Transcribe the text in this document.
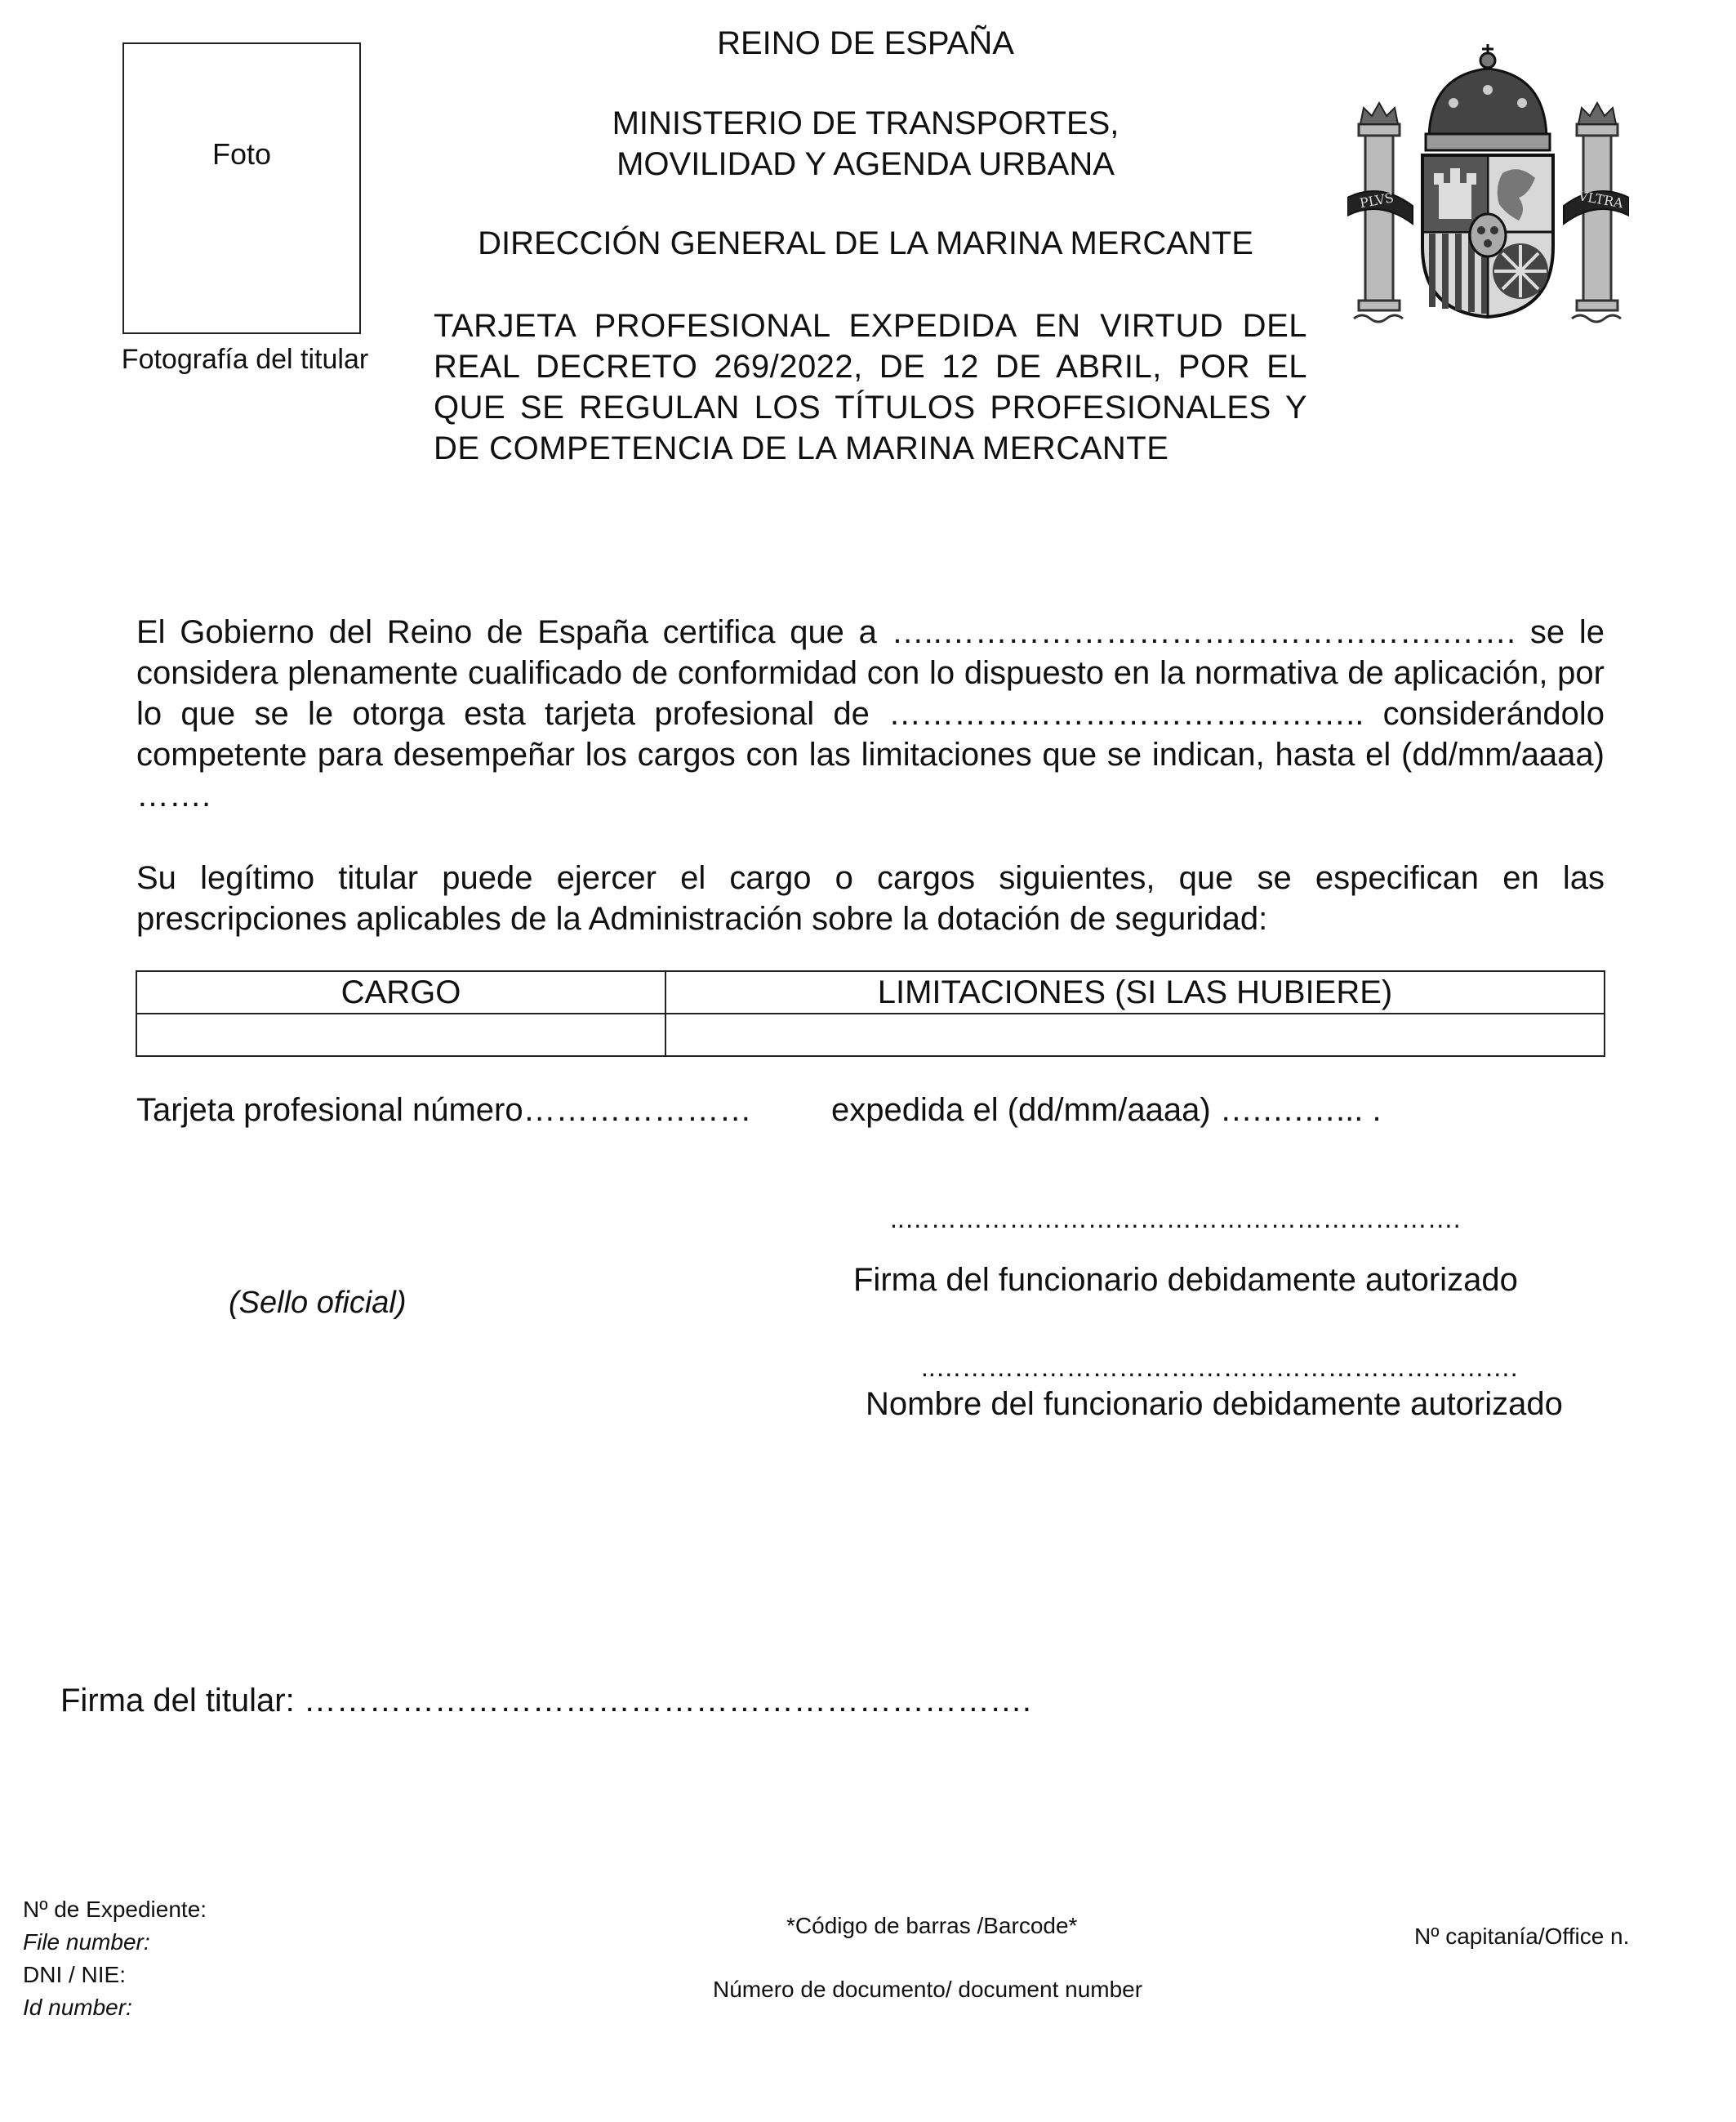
Foto
Fotografía del titular
REINO DE ESPAÑA
MINISTERIO DE TRANSPORTES,
MOVILIDAD Y AGENDA URBANA
DIRECCIÓN GENERAL DE LA MARINA MERCANTE
TARJETA PROFESIONAL EXPEDIDA EN VIRTUD DEL REAL DECRETO 269/2022, DE 12 DE ABRIL, POR EL QUE SE REGULAN LOS TÍTULOS PROFESIONALES Y DE COMPETENCIA DE LA MARINA MERCANTE
PLVS	VLTRA
El Gobierno del Reino de España certifica que a …..……………………………………….……. se le considera plenamente cualificado de conformidad con lo dispuesto en la normativa de aplicación, por lo que se le otorga esta tarjeta profesional de …………………………………….. considerándolo competente para desempeñar los cargos con las limitaciones que se indican, hasta el (dd/mm/aaaa) …….
Su legítimo titular puede ejercer el cargo o cargos siguientes, que se especifican en las prescripciones aplicables de la Administración sobre la dotación de seguridad:
CARGO	LIMITACIONES (SI LAS HUBIERE)

Tarjeta profesional número………………… expedida el (dd/mm/aaaa) ….….…... .
..……………………………………………………….
Firma del funcionario debidamente autorizado
(Sello oficial)
..………………………………………………………….
Nombre del funcionario debidamente autorizado
Firma del titular: ………………………………………………………….
Nº de Expediente:
File number:
DNI / NIE:
Id number:
*Código de barras /Barcode*
Número de documento/ document number
Nº capitanía/Office n.
